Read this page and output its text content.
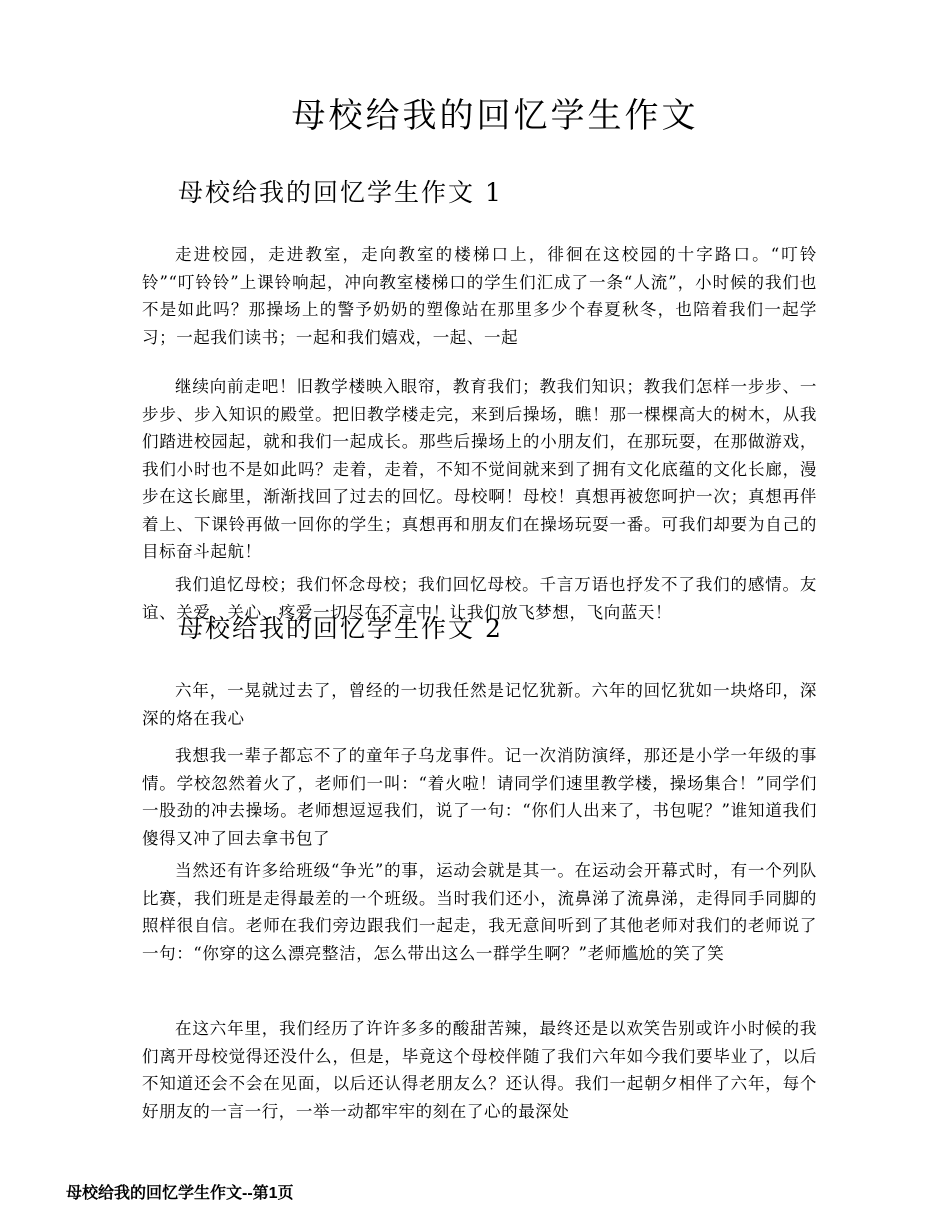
母校给我的回忆学生作文
母校给我的回忆学生作文 1

走进校园，走进教室，走向教室的楼梯口上，徘徊在这校园的十字路口。“叮铃铃”“叮铃铃”上课铃响起，冲向教室楼梯口的学生们汇成了一条“人流”，小时候的我们也不是如此吗？那操场上的警予奶奶的塑像站在那里多少个春夏秋冬，也陪着我们一起学习；一起我们读书；一起和我们嬉戏，一起、一起

继续向前走吧！旧教学楼映入眼帘，教育我们；教我们知识；教我们怎样一步步、一步步、步入知识的殿堂。把旧教学楼走完，来到后操场，瞧！那一棵棵高大的树木，从我们踏进校园起，就和我们一起成长。那些后操场上的小朋友们，在那玩耍，在那做游戏，我们小时也不是如此吗？走着，走着，不知不觉间就来到了拥有文化底蕴的文化长廊，漫步在这长廊里，渐渐找回了过去的回忆。母校啊！母校！真想再被您呵护一次；真想再伴着上、下课铃再做一回你的学生；真想再和朋友们在操场玩耍一番。可我们却要为自己的目标奋斗起航！

我们追忆母校；我们怀念母校；我们回忆母校。千言万语也抒发不了我们的感情。友谊、关爱、关心、疼爱一切尽在不言中！让我们放飞梦想，飞向蓝天！

母校给我的回忆学生作文 2

六年，一晃就过去了，曾经的一切我任然是记忆犹新。六年的回忆犹如一块烙印，深深的烙在我心

我想我一辈子都忘不了的童年子乌龙事件。记一次消防演绎，那还是小学一年级的事情。学校忽然着火了，老师们一叫：“着火啦！请同学们速里教学楼，操场集合！”同学们一股劲的冲去操场。老师想逗逗我们，说了一句：“你们人出来了，书包呢？”谁知道我们傻得又冲了回去拿书包了

当然还有许多给班级“争光”的事，运动会就是其一。在运动会开幕式时，有一个列队比赛，我们班是走得最差的一个班级。当时我们还小，流鼻涕了流鼻涕，走得同手同脚的照样很自信。老师在我们旁边跟我们一起走，我无意间听到了其他老师对我们的老师说了一句：“你穿的这么漂亮整洁，怎么带出这么一群学生啊？”老师尴尬的笑了笑

在这六年里，我们经历了许许多多的酸甜苦辣，最终还是以欢笑告别或许小时候的我们离开母校觉得还没什么，但是，毕竟这个母校伴随了我们六年如今我们要毕业了，以后不知道还会不会在见面，以后还认得老朋友么？还认得。我们一起朝夕相伴了六年，每个好朋友的一言一行，一举一动都牢牢的刻在了心的最深处

母校给我的回忆学生作文--第1页
